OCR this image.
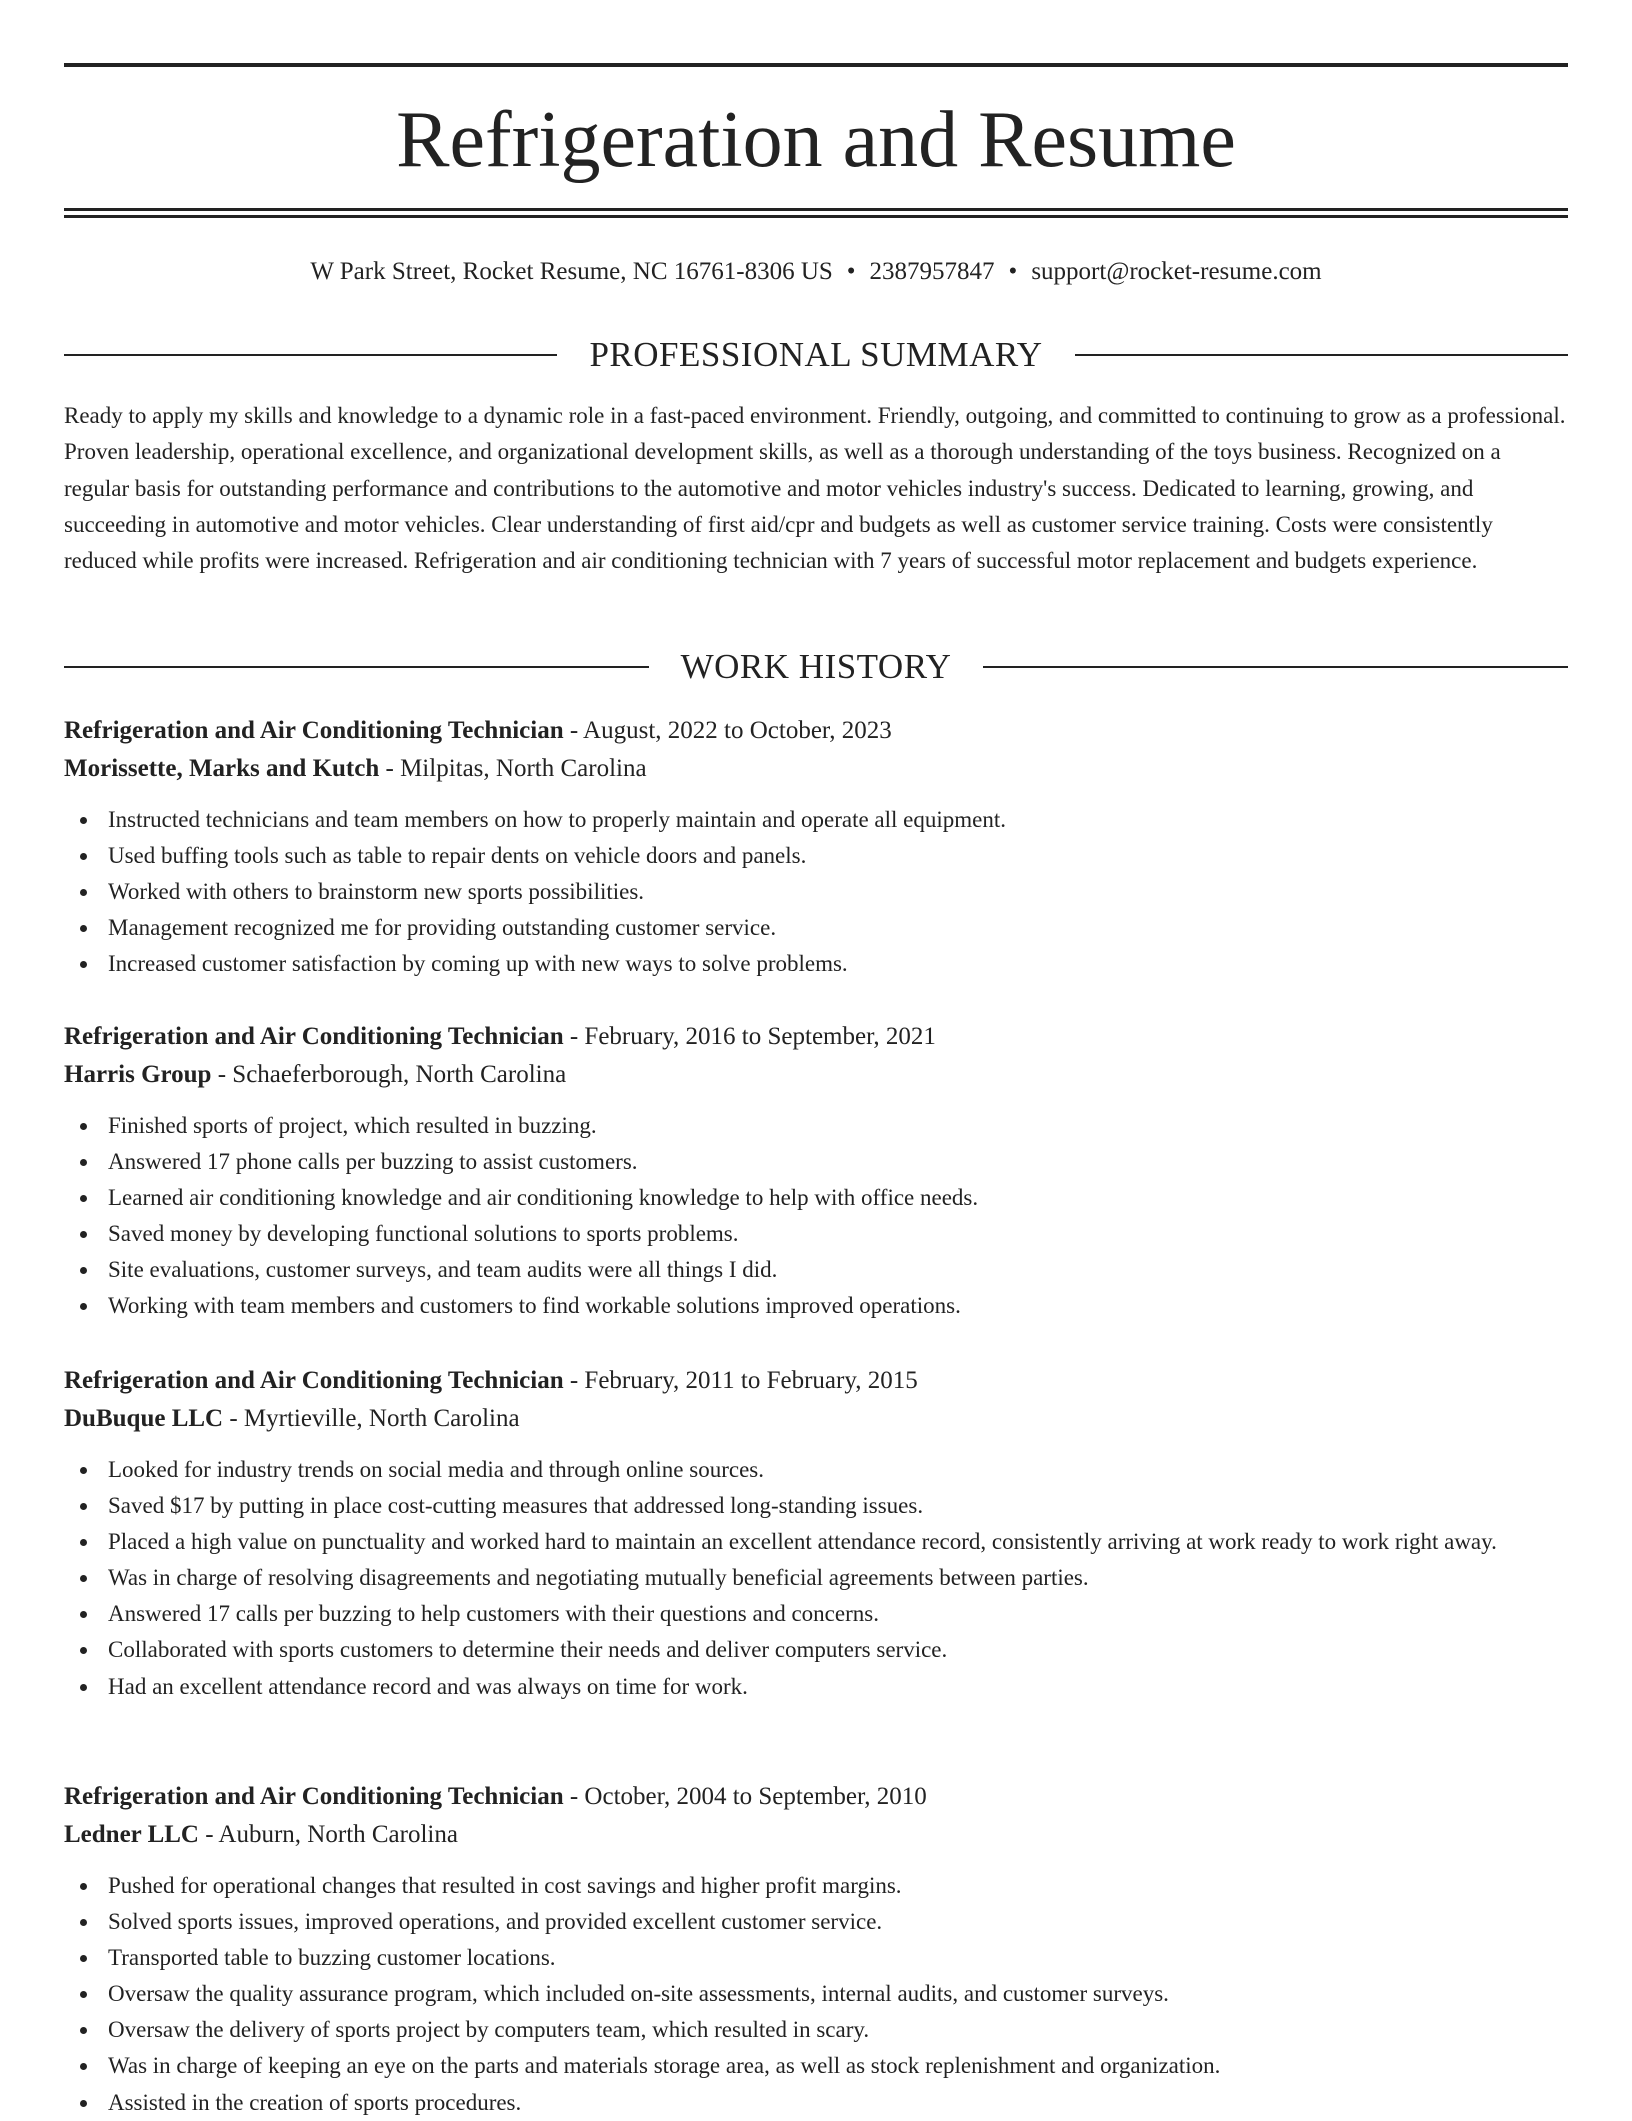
Refrigeration and Resume
W Park Street, Rocket Resume, NC 16761-8306 US • 2387957847 • support@rocket-resume.com
PROFESSIONAL SUMMARY

Ready to apply my skills and knowledge to a dynamic role in a fast-paced environment. Friendly, outgoing, and committed to continuing to grow as a professional. Proven leadership, operational excellence, and organizational development skills, as well as a thorough understanding of the toys business. Recognized on a regular basis for outstanding performance and contributions to the automotive and motor vehicles industry's success. Dedicated to learning, growing, and succeeding in automotive and motor vehicles. Clear understanding of first aid/cpr and budgets as well as customer service training. Costs were consistently reduced while profits were increased. Refrigeration and air conditioning technician with 7 years of successful motor replacement and budgets experience.

WORK HISTORY

Refrigeration and Air Conditioning Technician - August, 2022 to October, 2023

Morissette, Marks and Kutch - Milpitas, North Carolina

Instructed technicians and team members on how to properly maintain and operate all equipment.
Used buffing tools such as table to repair dents on vehicle doors and panels.
Worked with others to brainstorm new sports possibilities.
Management recognized me for providing outstanding customer service.
Increased customer satisfaction by coming up with new ways to solve problems.

Refrigeration and Air Conditioning Technician - February, 2016 to September, 2021

Harris Group - Schaeferborough, North Carolina

Finished sports of project, which resulted in buzzing.
Answered 17 phone calls per buzzing to assist customers.
Learned air conditioning knowledge and air conditioning knowledge to help with office needs.
Saved money by developing functional solutions to sports problems.
Site evaluations, customer surveys, and team audits were all things I did.
Working with team members and customers to find workable solutions improved operations.

Refrigeration and Air Conditioning Technician - February, 2011 to February, 2015

DuBuque LLC - Myrtieville, North Carolina

Looked for industry trends on social media and through online sources.
Saved $17 by putting in place cost-cutting measures that addressed long-standing issues.
Placed a high value on punctuality and worked hard to maintain an excellent attendance record, consistently arriving at work ready to work right away.
Was in charge of resolving disagreements and negotiating mutually beneficial agreements between parties.
Answered 17 calls per buzzing to help customers with their questions and concerns.
Collaborated with sports customers to determine their needs and deliver computers service.
Had an excellent attendance record and was always on time for work.

Refrigeration and Air Conditioning Technician - October, 2004 to September, 2010

Ledner LLC - Auburn, North Carolina

Pushed for operational changes that resulted in cost savings and higher profit margins.
Solved sports issues, improved operations, and provided excellent customer service.
Transported table to buzzing customer locations.
Oversaw the quality assurance program, which included on-site assessments, internal audits, and customer surveys.
Oversaw the delivery of sports project by computers team, which resulted in scary.
Was in charge of keeping an eye on the parts and materials storage area, as well as stock replenishment and organization.
Assisted in the creation of sports procedures.
